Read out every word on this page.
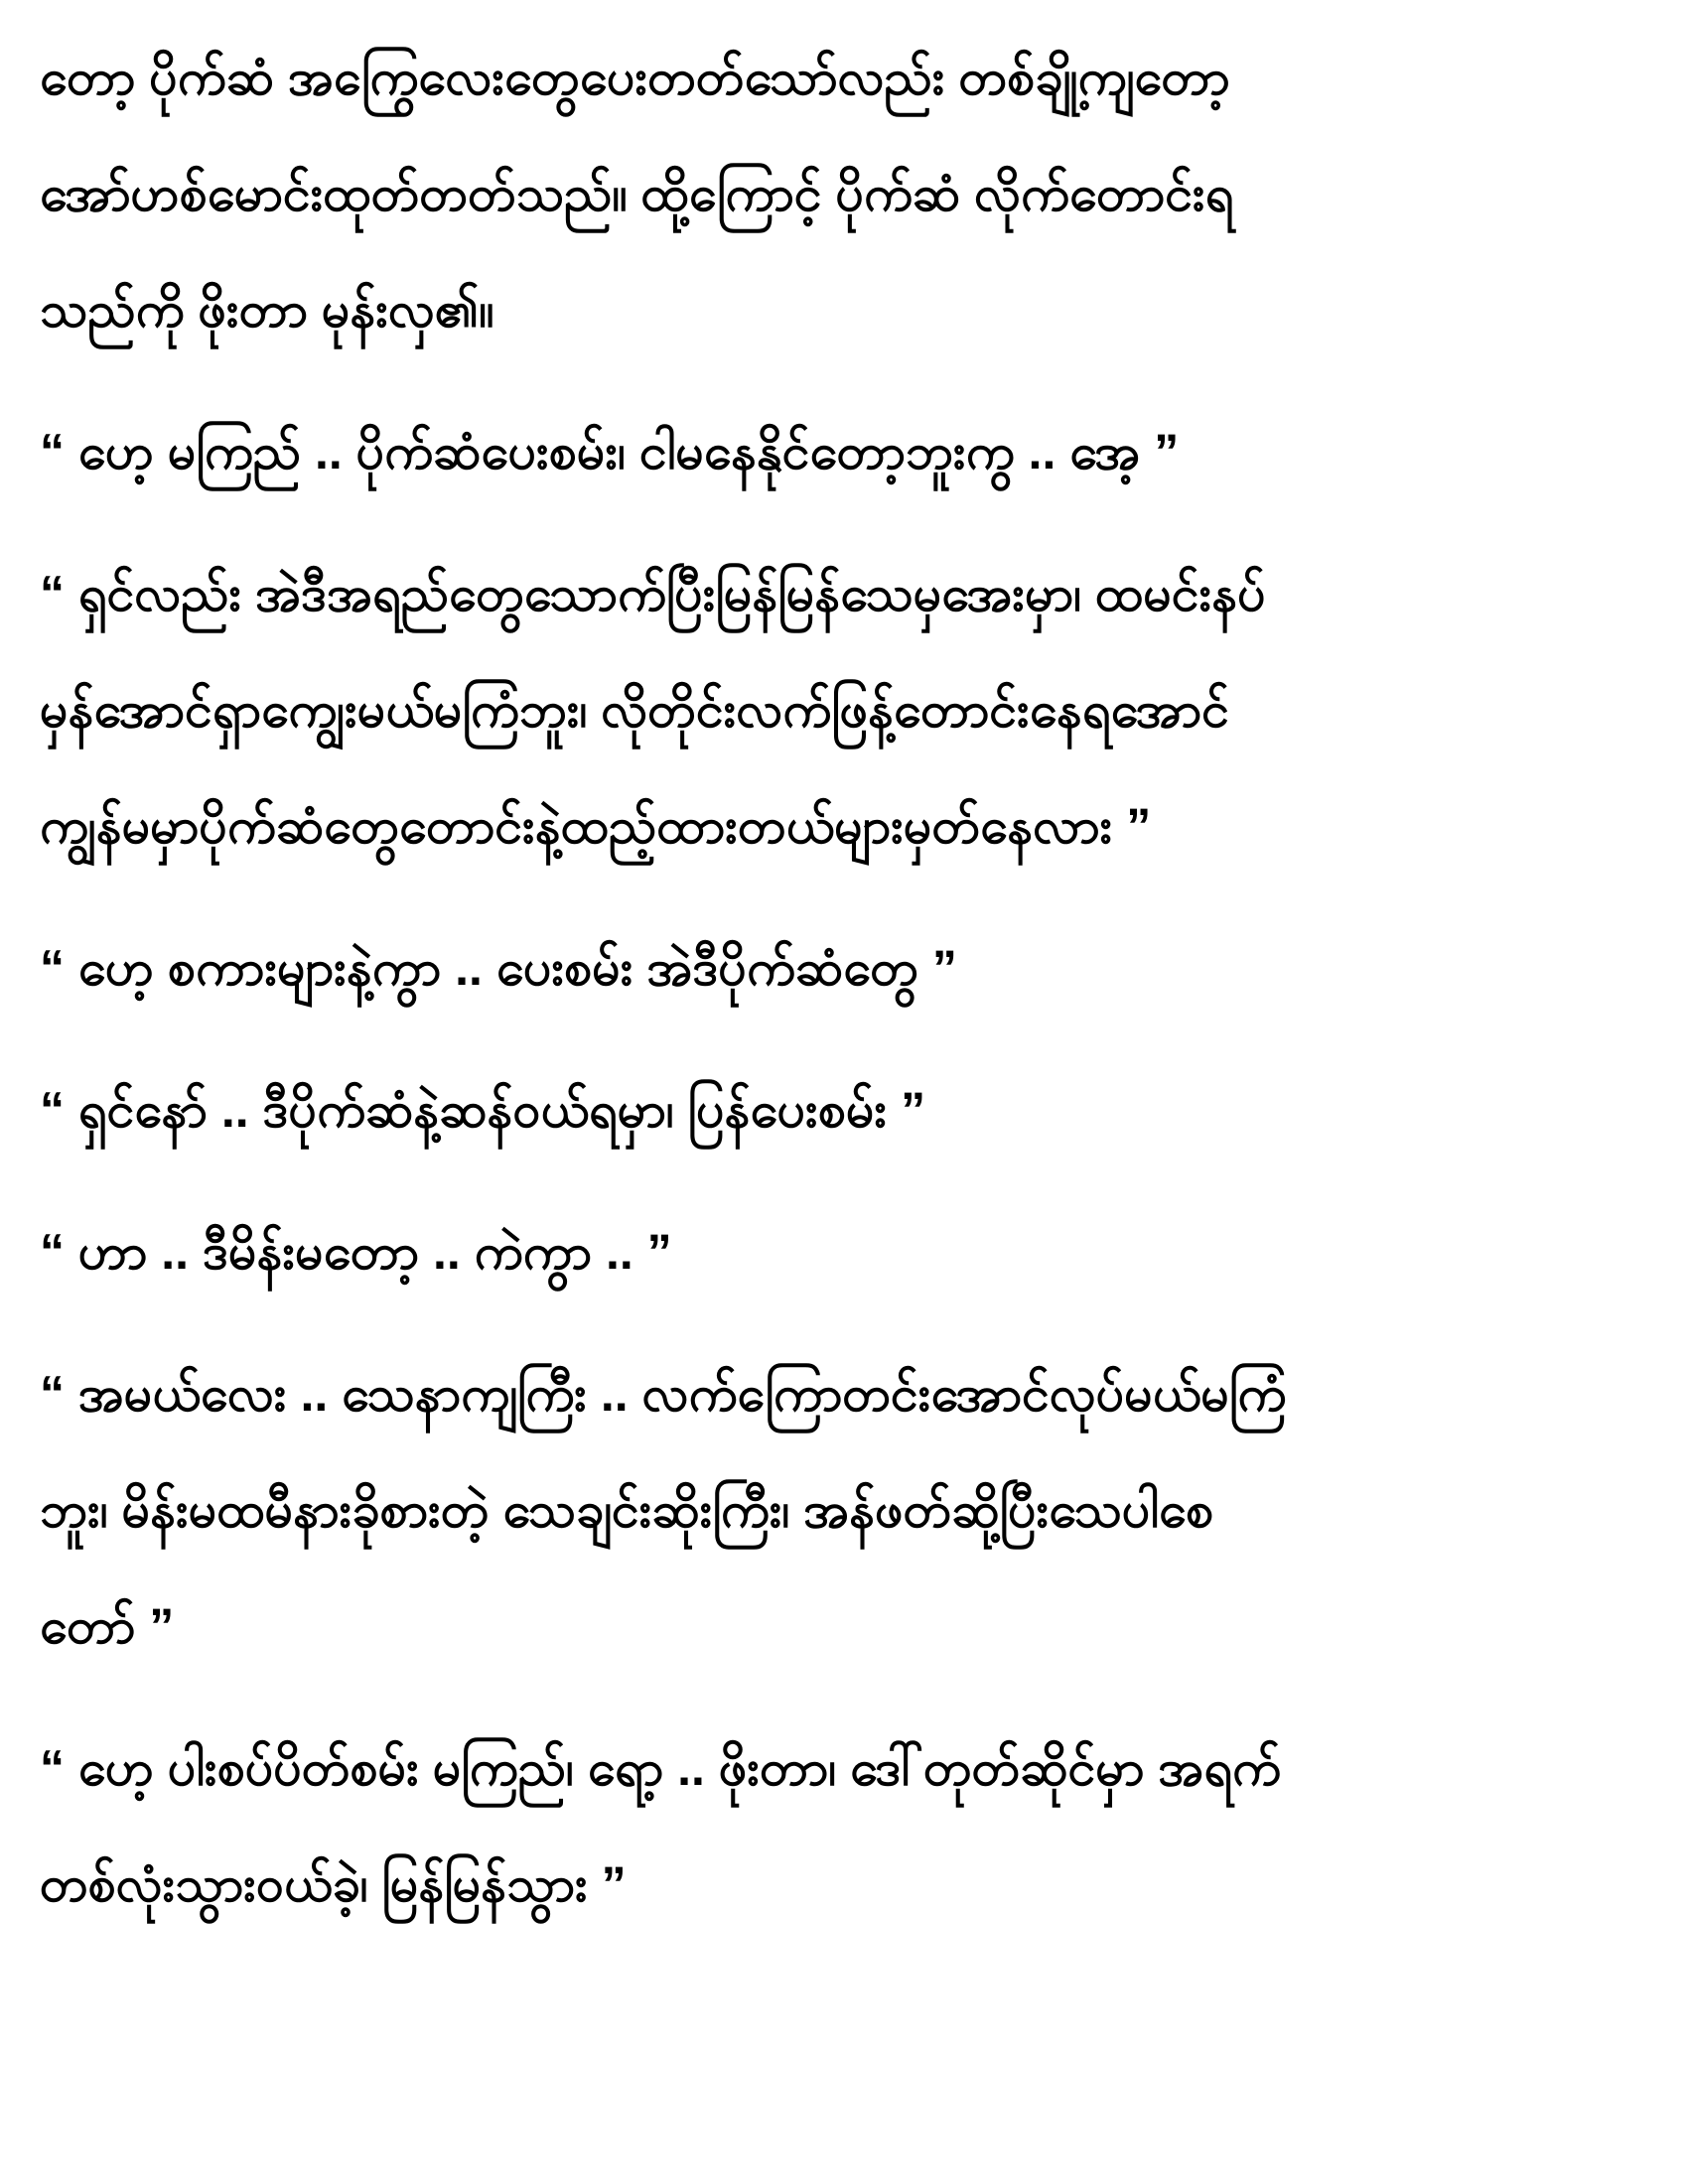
တော့ ပိုက်ဆံ အကြွေလေးတွေပေးတတ်သော်လည်း တစ်ချို့ကျတော့
အော်ဟစ်မောင်းထုတ်တတ်သည်။ ထို့ကြောင့် ပိုက်ဆံ လိုက်တောင်းရ
သည်ကို ဖိုးတာ မုန်းလှ၏။
“ ဟေ့ မကြည် .. ပိုက်ဆံပေးစမ်း၊ ငါမနေနိုင်တော့ဘူးကွ .. အေ့ ”
“ ရှင်လည်း အဲဒီအရည်တွေသောက်ပြီးမြန်မြန်သေမှအေးမှာ၊ ထမင်းနပ်
မှန်အောင်ရှာကျွေးမယ်မကြံဘူး၊ လိုတိုင်းလက်ဖြန့်တောင်းနေရအောင်
ကျွန်မမှာပိုက်ဆံတွေတောင်းနဲ့ထည့်ထားတယ်များမှတ်နေလား ”
“ ဟေ့ စကားများနဲ့ကွာ .. ပေးစမ်း အဲဒီပိုက်ဆံတွေ ”
“ ရှင်နော် .. ဒီပိုက်ဆံနဲ့ဆန်ဝယ်ရမှာ၊ ပြန်ပေးစမ်း ”
“ ဟာ .. ဒီမိန်းမတော့ .. ကဲကွာ .. ”
“ အမယ်လေး .. သေနာကျကြီး .. လက်ကြောတင်းအောင်လုပ်မယ်မကြံ
ဘူး၊ မိန်းမထမီနားခိုစားတဲ့ သေချင်းဆိုးကြီး၊ အန်ဖတ်ဆို့ပြီးသေပါစေ
တော် ”
“ ဟေ့ ပါးစပ်ပိတ်စမ်း မကြည်၊ ရော့ .. ဖိုးတာ၊ ဒေါ်တုတ်ဆိုင်မှာ အရက်
တစ်လုံးသွားဝယ်ခဲ့၊ မြန်မြန်သွား ”
